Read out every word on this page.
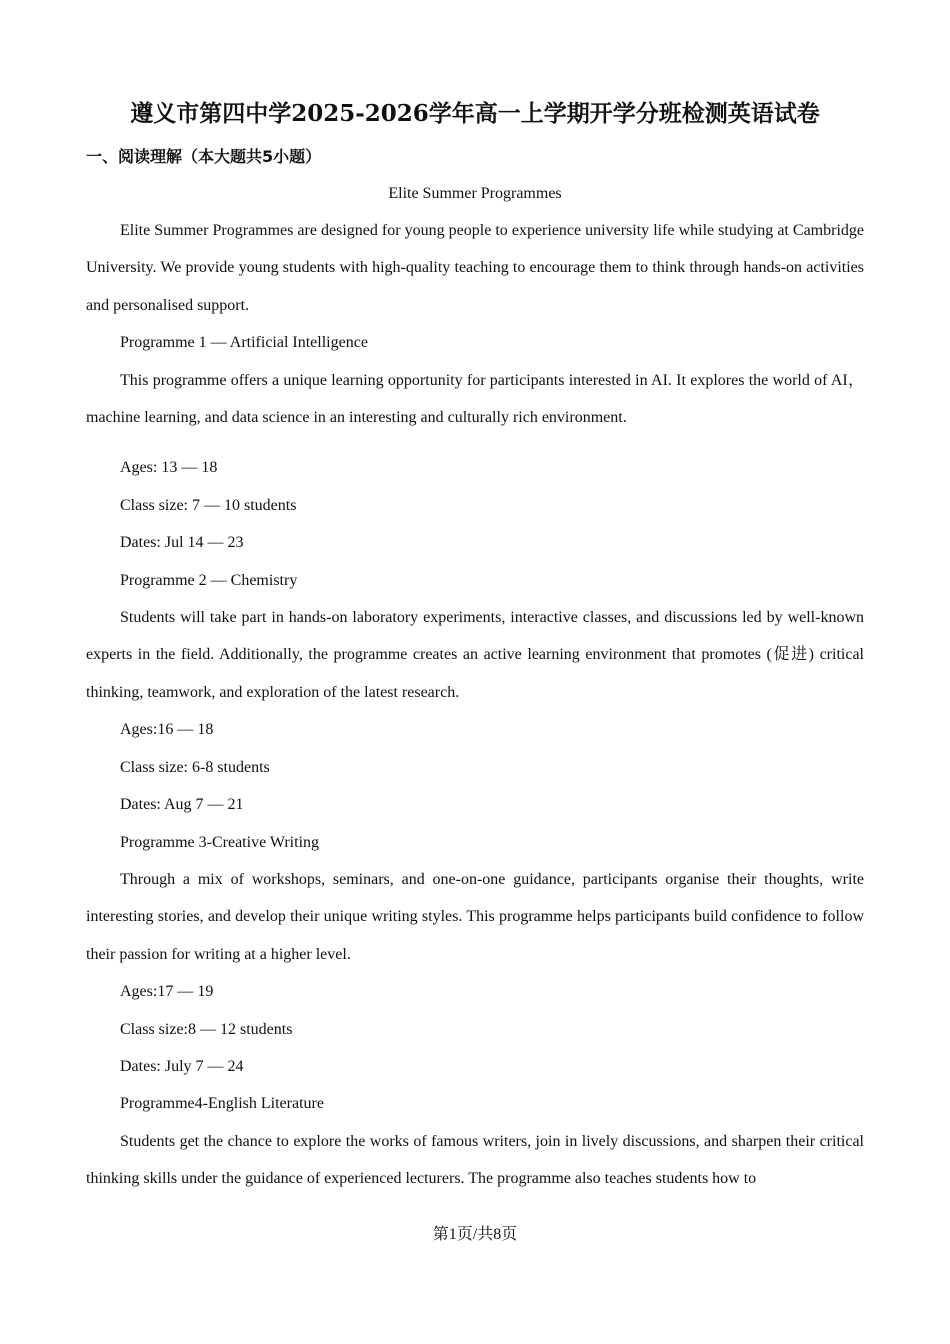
遵义市第四中学2025-2026学年高一上学期开学分班检测英语试卷
一、阅读理解（本大题共5小题）
Elite Summer Programmes

Elite Summer Programmes are designed for young people to experience university life while studying at Cambridge University. We provide young students with high-quality teaching to encourage them to think through hands-on activities and personalised support.

Programme 1 — Artificial Intelligence

This programme offers a unique learning opportunity for participants interested in AI. It explores the world of AI， machine learning, and data science in an interesting and culturally rich environment.

Ages: 13 — 18

Class size: 7 — 10 students

Dates: Jul 14 — 23

Programme 2 — Chemistry

Students will take part in hands-on laboratory experiments, interactive classes, and discussions led by well-known experts in the field. Additionally, the programme creates an active learning environment that promotes (促进) critical thinking, teamwork, and exploration of the latest research.

Ages:16 — 18

Class size: 6-8 students

Dates: Aug 7 — 21

Programme 3-Creative Writing

Through a mix of workshops, seminars, and one-on-one guidance, participants organise their thoughts, write interesting stories, and develop their unique writing styles. This programme helps participants build confidence to follow their passion for writing at a higher level.

Ages:17 — 19

Class size:8 — 12 students

Dates: July 7 — 24

Programme4-English Literature

Students get the chance to explore the works of famous writers, join in lively discussions, and sharpen their critical thinking skills under the guidance of experienced lecturers. The programme also teaches students how to

第1页/共8页
